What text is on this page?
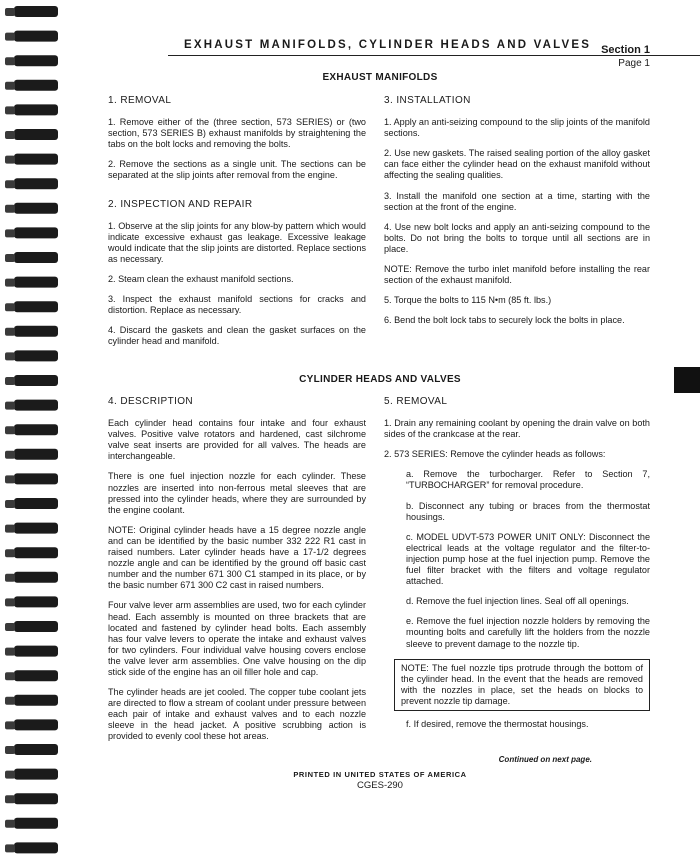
EXHAUST MANIFOLDS, CYLINDER HEADS AND VALVES Section 1
Page 1
EXHAUST MANIFOLDS
1. REMOVAL
1. Remove either of the (three section, 573 SERIES) or (two section, 573 SERIES B) exhaust manifolds by straightening the tabs on the bolt locks and removing the bolts.
2. Remove the sections as a single unit. The sections can be separated at the slip joints after removal from the engine.
2. INSPECTION AND REPAIR
1. Observe at the slip joints for any blow-by pattern which would indicate excessive exhaust gas leakage. Excessive leakage would indicate that the slip joints are distorted. Replace sections as necessary.
2. Steam clean the exhaust manifold sections.
3. Inspect the exhaust manifold sections for cracks and distortion. Replace as necessary.
4. Discard the gaskets and clean the gasket surfaces on the cylinder head and manifold.
3. INSTALLATION
1. Apply an anti-seizing compound to the slip joints of the manifold sections.
2. Use new gaskets. The raised sealing portion of the alloy gasket can face either the cylinder head on the exhaust manifold without affecting the sealing qualities.
3. Install the manifold one section at a time, starting with the section at the front of the engine.
4. Use new bolt locks and apply an anti-seizing compound to the bolts. Do not bring the bolts to torque until all sections are in place.
NOTE: Remove the turbo inlet manifold before installing the rear section of the exhaust manifold.
5. Torque the bolts to 115 N•m (85 ft. lbs.)
6. Bend the bolt lock tabs to securely lock the bolts in place.
CYLINDER HEADS AND VALVES
4. DESCRIPTION
Each cylinder head contains four intake and four exhaust valves. Positive valve rotators and hardened, cast silchrome valve seat inserts are provided for all valves. The heads are interchangeable.
There is one fuel injection nozzle for each cylinder. These nozzles are inserted into non-ferrous metal sleeves that are pressed into the cylinder heads, where they are surrounded by the engine coolant.
NOTE: Original cylinder heads have a 15 degree nozzle angle and can be identified by the basic number 332 222 R1 cast in raised numbers. Later cylinder heads have a 17-1/2 degrees nozzle angle and can be identified by the ground off basic cast number and the number 671 300 C1 stamped in its place, or by the basic number 671 300 C2 cast in raised numbers.
Four valve lever arm assemblies are used, two for each cylinder head. Each assembly is mounted on three brackets that are located and fastened by cylinder head bolts. Each assembly has four valve levers to operate the intake and exhaust valves for two cylinders. Four individual valve housing covers enclose the valve lever arm assemblies. One valve housing on the dip stick side of the engine has an oil filler hole and cap.
The cylinder heads are jet cooled. The copper tube coolant jets are directed to flow a stream of coolant under pressure between each pair of intake and exhaust valves and to each nozzle sleeve in the head jacket. A positive scrubbing action is provided to evenly cool these hot areas.
5. REMOVAL
1. Drain any remaining coolant by opening the drain valve on both sides of the crankcase at the rear.
2. 573 SERIES: Remove the cylinder heads as follows:
a. Remove the turbocharger. Refer to Section 7, “TURBOCHARGER” for removal procedure.
b. Disconnect any tubing or braces from the thermostat housings.
c. MODEL UDVT-573 POWER UNIT ONLY: Disconnect the electrical leads at the voltage regulator and the filter-to-injection pump hose at the fuel injection pump. Remove the fuel filter bracket with the filters and voltage regulator attached.
d. Remove the fuel injection lines. Seal off all openings.
e. Remove the fuel injection nozzle holders by removing the mounting bolts and carefully lift the holders from the nozzle sleeve to prevent damage to the nozzle tip.
NOTE: The fuel nozzle tips protrude through the bottom of the cylinder head. In the event that the heads are removed with the nozzles in place, set the heads on blocks to prevent nozzle tip damage.
f. If desired, remove the thermostat housings.
Continued on next page.
PRINTED IN UNITED STATES OF AMERICA
CGES-290
